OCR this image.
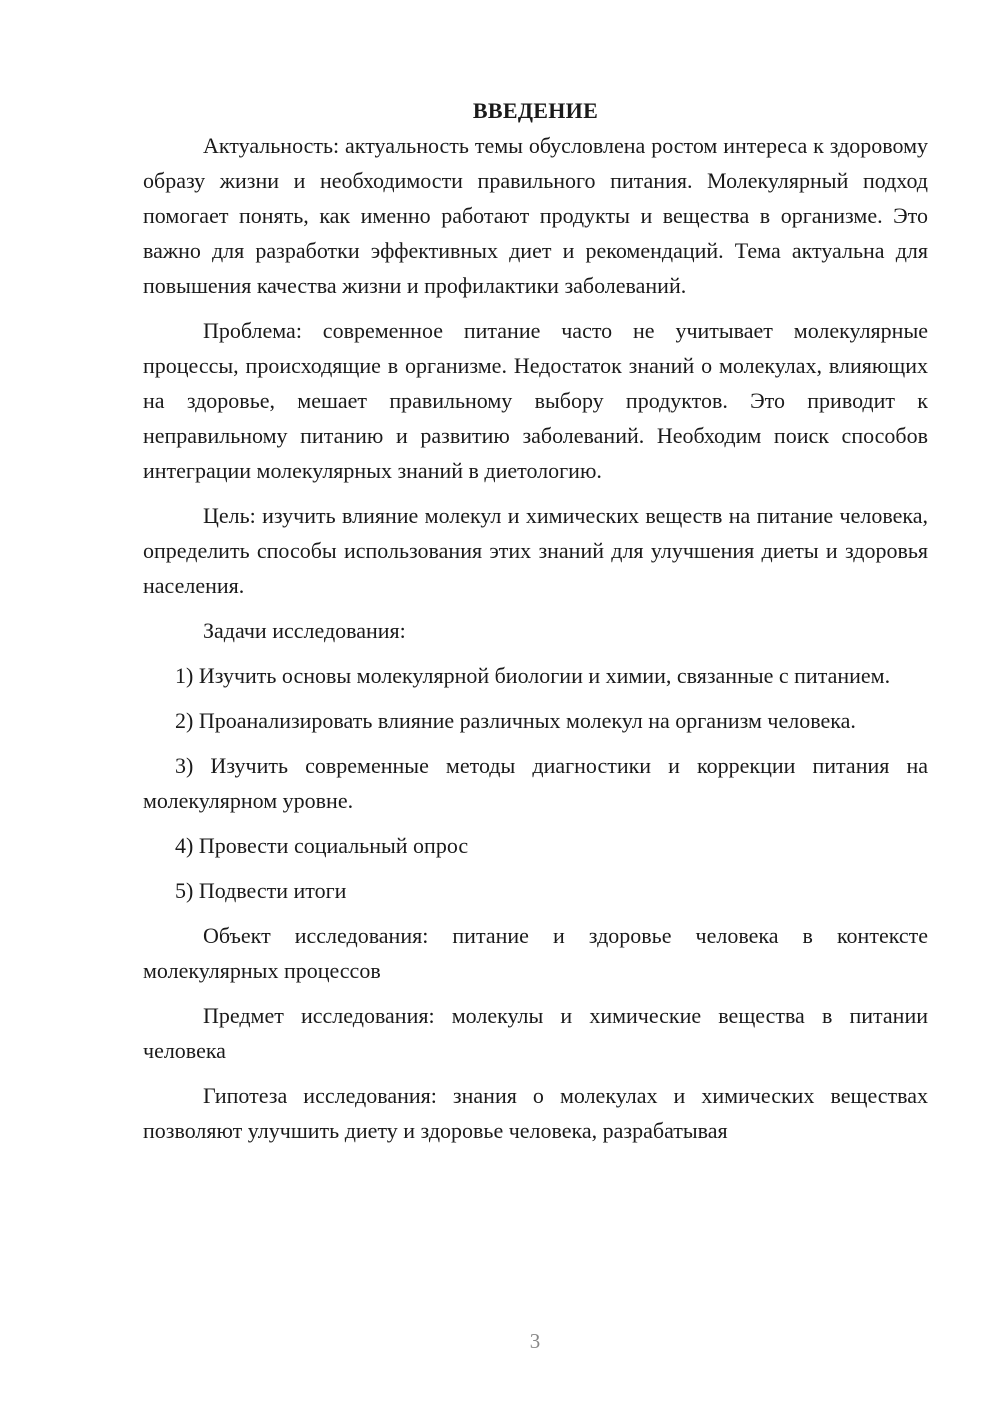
ВВЕДЕНИЕ

Актуальность: актуальность темы обусловлена ростом интереса к здоровому образу жизни и необходимости правильного питания. Молекулярный подход помогает понять, как именно работают продукты и вещества в организме. Это важно для разработки эффективных диет и рекомендаций. Тема актуальна для повышения качества жизни и профилактики заболеваний.

Проблема: современное питание часто не учитывает молекулярные процессы, происходящие в организме. Недостаток знаний о молекулах, влияющих на здоровье, мешает правильному выбору продуктов. Это приводит к неправильному питанию и развитию заболеваний. Необходим поиск способов интеграции молекулярных знаний в диетологию.

Цель: изучить влияние молекул и химических веществ на питание человека, определить способы использования этих знаний для улучшения диеты и здоровья населения.

Задачи исследования:

1) Изучить основы молекулярной биологии и химии, связанные с питанием.

2) Проанализировать влияние различных молекул на организм человека.

3) Изучить современные методы диагностики и коррекции питания на молекулярном уровне.

4) Провести социальный опрос

5) Подвести итоги

Объект исследования: питание и здоровье человека в контексте молекулярных процессов

Предмет исследования: молекулы и химические вещества в питании человека

Гипотеза исследования: знания о молекулах и химических веществах позволяют улучшить диету и здоровье человека, разрабатывая

3
